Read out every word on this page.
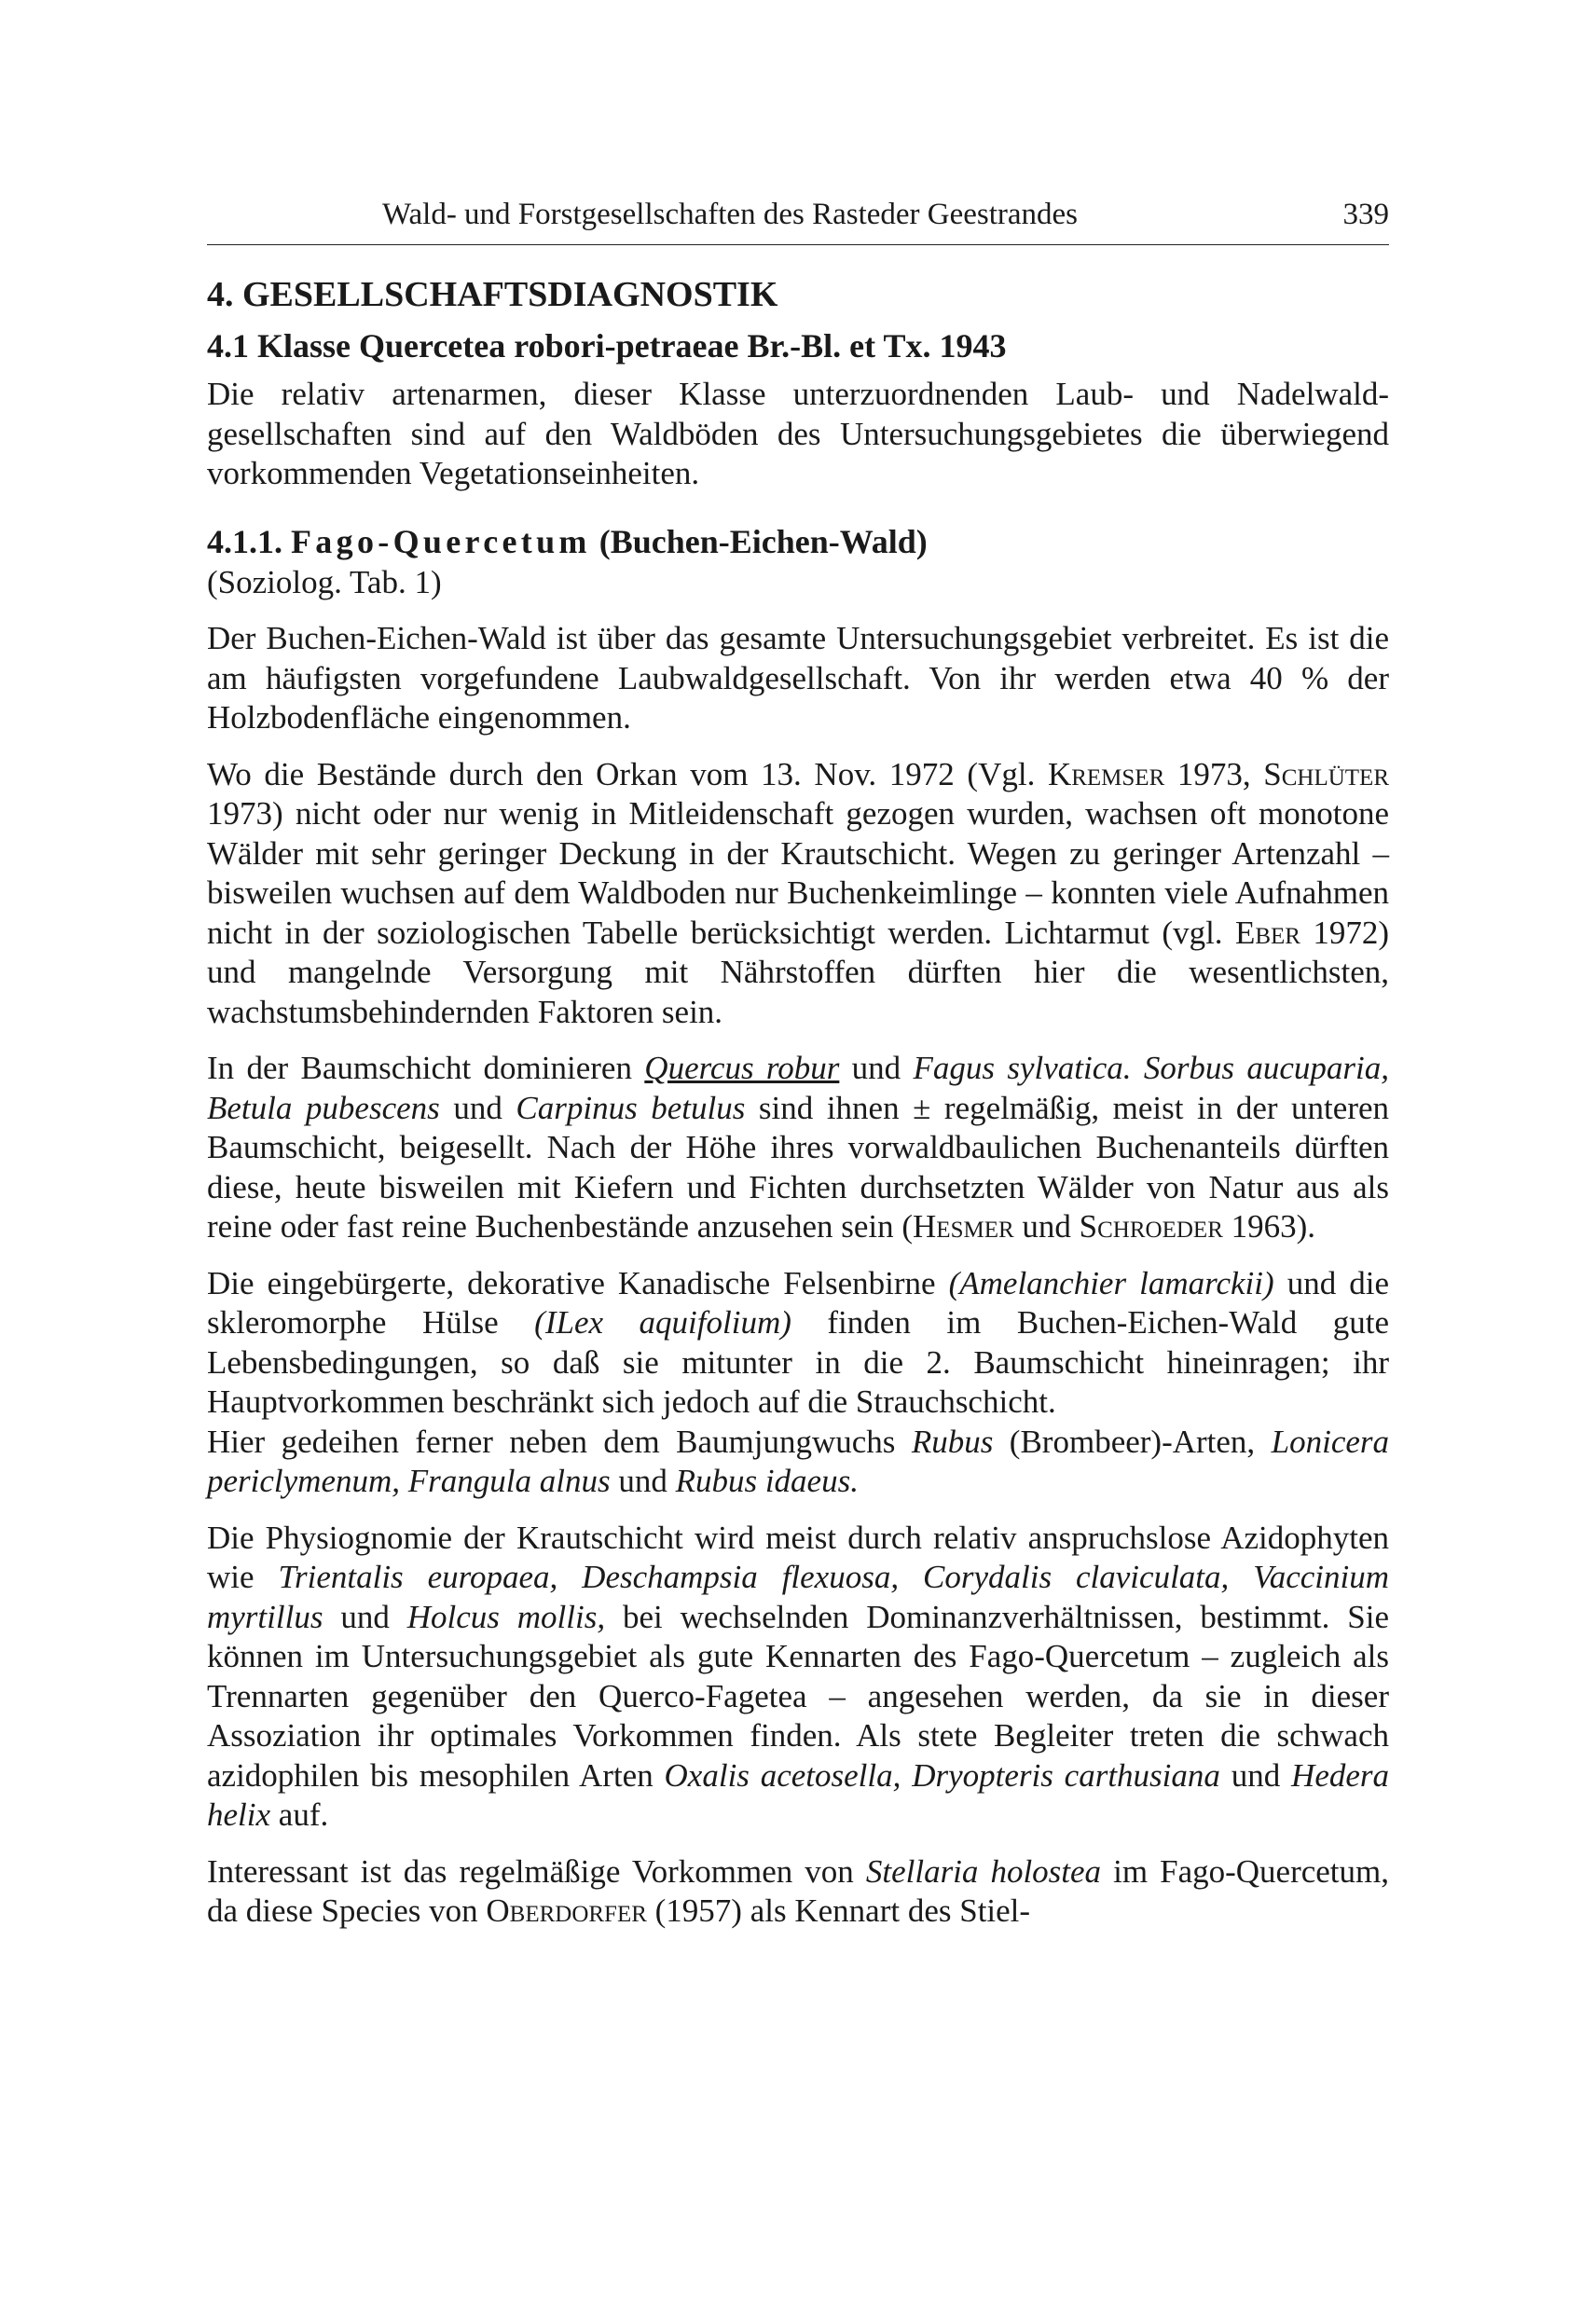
Wald- und Forstgesellschaften des Rasteder Geestrandes	339

4. GESELLSCHAFTSDIAGNOSTIK

4.1 Klasse Quercetea robori-petraeae Br.-Bl. et Tx. 1943

Die relativ artenarmen, dieser Klasse unterzuordnenden Laub- und Nadelwaldgesellschaften sind auf den Waldböden des Untersuchungsgebietes die überwiegend vorkommenden Vegetationseinheiten.

4.1.1. Fago-Quercetum (Buchen-Eichen-Wald)

(Soziolog. Tab. 1)

Der Buchen-Eichen-Wald ist über das gesamte Untersuchungsgebiet verbreitet. Es ist die am häufigsten vorgefundene Laubwaldgesellschaft. Von ihr werden etwa 40 % der Holzbodenfläche eingenommen.

Wo die Bestände durch den Orkan vom 13. Nov. 1972 (Vgl. Kremser 1973, Schlüter 1973) nicht oder nur wenig in Mitleidenschaft gezogen wurden, wachsen oft monotone Wälder mit sehr geringer Deckung in der Krautschicht. Wegen zu geringer Artenzahl – bisweilen wuchsen auf dem Waldboden nur Buchenkeimlinge – konnten viele Aufnahmen nicht in der soziologischen Tabelle berücksichtigt werden. Lichtarmut (vgl. Eber 1972) und mangelnde Versorgung mit Nährstoffen dürften hier die wesentlichsten, wachstumsbehindernden Faktoren sein.

In der Baumschicht dominieren Quercus robur und Fagus sylvatica. Sorbus aucuparia, Betula pubescens und Carpinus betulus sind ihnen ± regelmäßig, meist in der unteren Baumschicht, beigesellt. Nach der Höhe ihres vorwaldbaulichen Buchenanteils dürften diese, heute bisweilen mit Kiefern und Fichten durchsetzten Wälder von Natur aus als reine oder fast reine Buchenbestände anzusehen sein (Hesmer und Schroeder 1963).

Die eingebürgerte, dekorative Kanadische Felsenbirne (Amelanchier lamarckii) und die skleromorphe Hülse (ILex aquifolium) finden im Buchen-Eichen-Wald gute Lebensbedingungen, so daß sie mitunter in die 2. Baumschicht hineinragen; ihr Hauptvorkommen beschränkt sich jedoch auf die Strauchschicht.

Hier gedeihen ferner neben dem Baumjungwuchs Rubus (Brombeer)-Arten, Lonicera periclymenum, Frangula alnus und Rubus idaeus.

Die Physiognomie der Krautschicht wird meist durch relativ anspruchslose Azidophyten wie Trientalis europaea, Deschampsia flexuosa, Corydalis claviculata, Vaccinium myrtillus und Holcus mollis, bei wechselnden Dominanzverhältnissen, bestimmt. Sie können im Untersuchungsgebiet als gute Kennarten des Fago-Quercetum – zugleich als Trennarten gegenüber den Querco-Fagetea – angesehen werden, da sie in dieser Assoziation ihr optimales Vorkommen finden. Als stete Begleiter treten die schwach azidophilen bis mesophilen Arten Oxalis acetosella, Dryopteris carthusiana und Hedera helix auf.

Interessant ist das regelmäßige Vorkommen von Stellaria holostea im Fago-Quercetum, da diese Species von Oberdorfer (1957) als Kennart des Stiel-
